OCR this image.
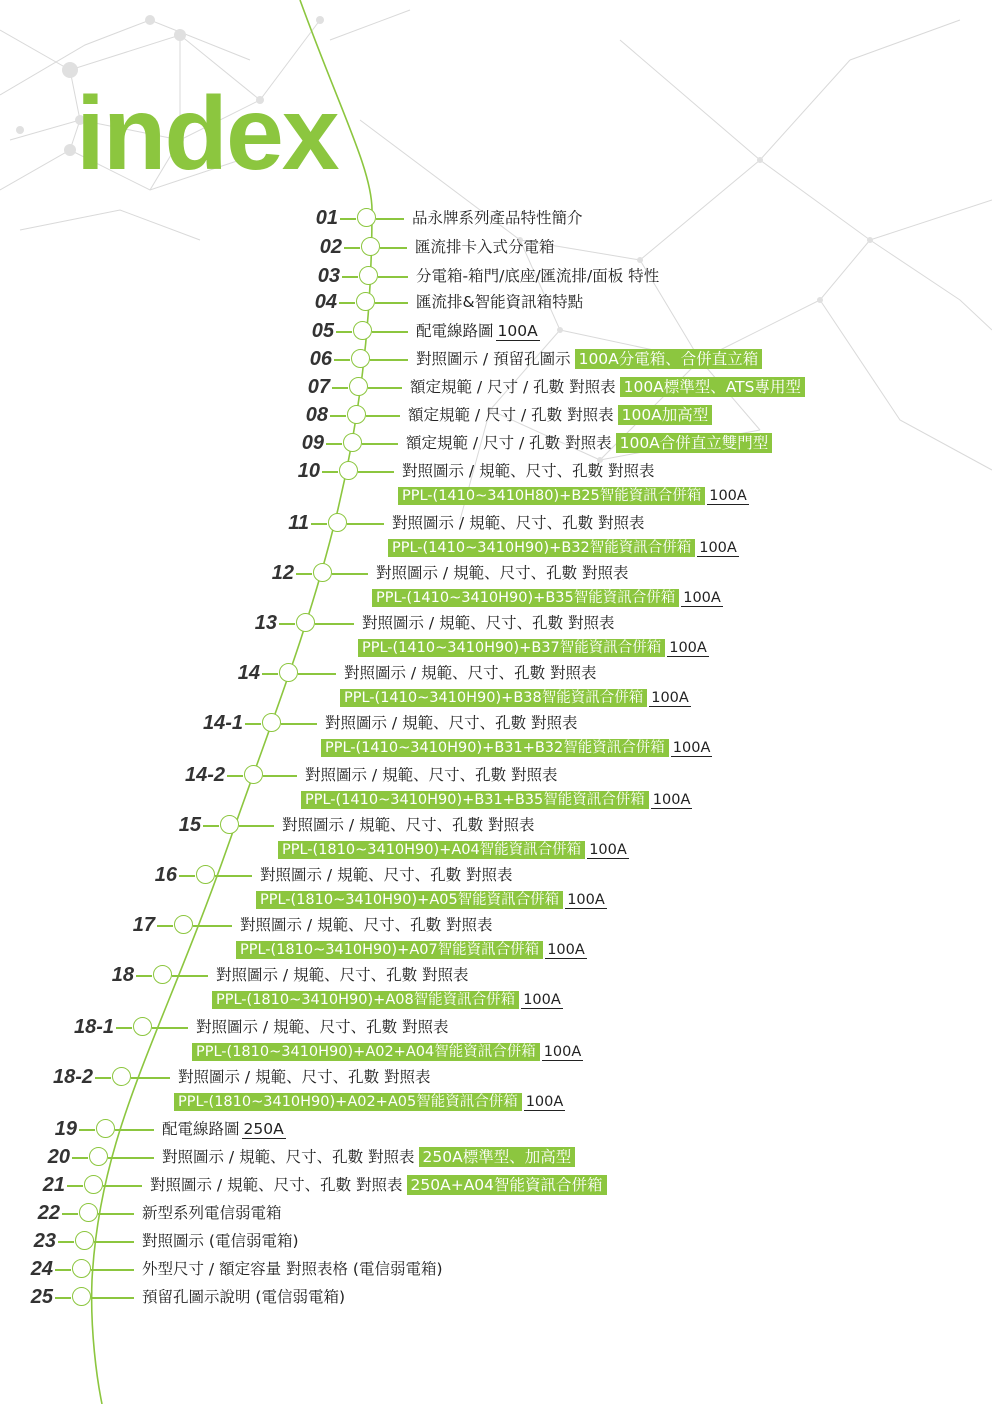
index
01	品永牌系列產品特性簡介
02	匯流排卡入式分電箱
03	分電箱-箱門/底座/匯流排/面板 特性
04	匯流排&智能資訊箱特點
05	配電線路圖 100A
06	對照圖示 / 預留孔圖示 100A分電箱、合併直立箱
07	額定規範 / 尺寸 / 孔數 對照表 100A標準型、ATS專用型
08	額定規範 / 尺寸 / 孔數 對照表 100A加高型
09	額定規範 / 尺寸 / 孔數 對照表 100A合併直立雙門型
10	對照圖示 / 規範、尺寸、孔數 對照表
PPL-(1410~3410H80)+B25智能資訊合併箱 100A
11	對照圖示 / 規範、尺寸、孔數 對照表
PPL-(1410~3410H90)+B32智能資訊合併箱 100A
12	對照圖示 / 規範、尺寸、孔數 對照表
PPL-(1410~3410H90)+B35智能資訊合併箱 100A
13	對照圖示 / 規範、尺寸、孔數 對照表
PPL-(1410~3410H90)+B37智能資訊合併箱 100A
14	對照圖示 / 規範、尺寸、孔數 對照表
PPL-(1410~3410H90)+B38智能資訊合併箱 100A
14-1	對照圖示 / 規範、尺寸、孔數 對照表
PPL-(1410~3410H90)+B31+B32智能資訊合併箱 100A
14-2	對照圖示 / 規範、尺寸、孔數 對照表
PPL-(1410~3410H90)+B31+B35智能資訊合併箱 100A
15	對照圖示 / 規範、尺寸、孔數 對照表
PPL-(1810~3410H90)+A04智能資訊合併箱 100A
16	對照圖示 / 規範、尺寸、孔數 對照表
PPL-(1810~3410H90)+A05智能資訊合併箱 100A
17	對照圖示 / 規範、尺寸、孔數 對照表
PPL-(1810~3410H90)+A07智能資訊合併箱 100A
18	對照圖示 / 規範、尺寸、孔數 對照表
PPL-(1810~3410H90)+A08智能資訊合併箱 100A
18-1	對照圖示 / 規範、尺寸、孔數 對照表
PPL-(1810~3410H90)+A02+A04智能資訊合併箱 100A
18-2	對照圖示 / 規範、尺寸、孔數 對照表
PPL-(1810~3410H90)+A02+A05智能資訊合併箱 100A
19	配電線路圖 250A
20	對照圖示 / 規範、尺寸、孔數 對照表 250A標準型、加高型
21	對照圖示 / 規範、尺寸、孔數 對照表 250A+A04智能資訊合併箱
22	新型系列電信弱電箱
23	對照圖示 (電信弱電箱)
24	外型尺寸 / 額定容量 對照表格 (電信弱電箱)
25	預留孔圖示說明 (電信弱電箱)
